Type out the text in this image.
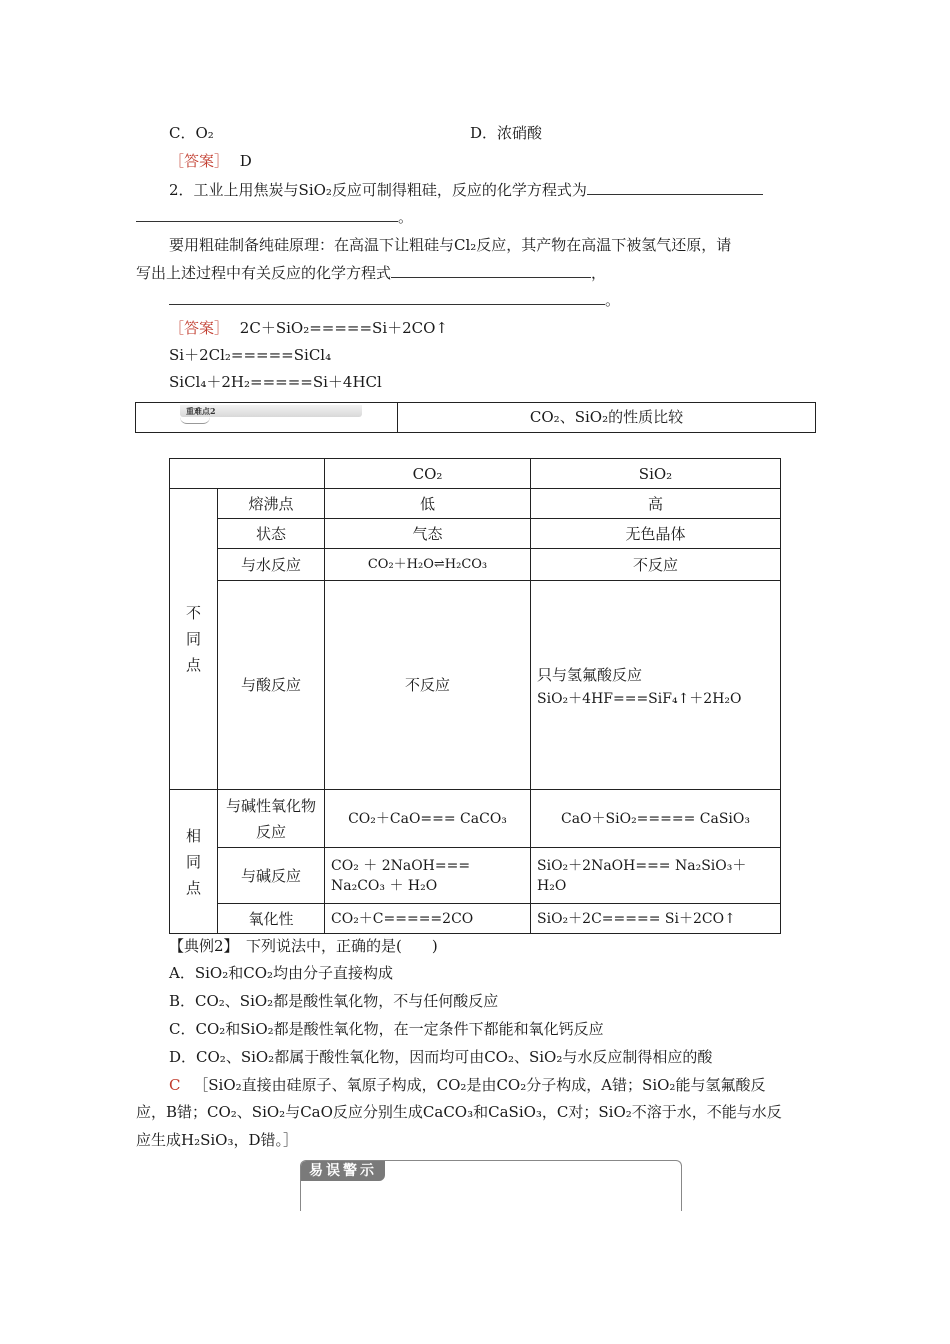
C．O₂	D．浓硝酸
［答案］ D
2．工业上用焦炭与SiO₂反应可制得粗硅，反应的化学方程式为
。
要用粗硅制备纯硅原理：在高温下让粗硅与Cl₂反应，其产物在高温下被氢气还原，请
写出上述过程中有关反应的化学方程式	，
。
［答案］ 2C＋SiO₂=====Si＋2CO↑
Si＋2Cl₂=====SiCl₄
SiCl₄＋2H₂=====Si＋4HCl
重难点2	CO₂、SiO₂的性质比较
		CO₂	SiO₂
不
同
点	熔沸点	低	高
	状态	气态	无色晶体
	与水反应	CO₂＋H₂O⇌H₂CO₃	不反应
	与酸反应	不反应	只与氢氟酸反应
SiO₂＋4HF===SiF₄↑＋2H₂O

相
同
点	与碱性氧化物反应	CO₂＋CaO=== CaCO₃	CaO＋SiO₂===== CaSiO₃
	与碱反应	CO₂ ＋ 2NaOH=== Na₂CO₃ ＋ H₂O	SiO₂＋2NaOH=== Na₂SiO₃＋H₂O
	氧化性	CO₂＋C=====2CO	SiO₂＋2C===== Si＋2CO↑
【典例2】　下列说法中，正确的是(　　)
A．SiO₂和CO₂均由分子直接构成
B．CO₂、SiO₂都是酸性氧化物，不与任何酸反应
C．CO₂和SiO₂都是酸性氧化物，在一定条件下都能和氧化钙反应
D．CO₂、SiO₂都属于酸性氧化物，因而均可由CO₂、SiO₂与水反应制得相应的酸
C ［SiO₂直接由硅原子、氧原子构成，CO₂是由CO₂分子构成，A错；SiO₂能与氢氟酸反
应，B错；CO₂、SiO₂与CaO反应分别生成CaCO₃和CaSiO₃，C对；SiO₂不溶于水，不能与水反
应生成H₂SiO₃，D错。］
易误警示
